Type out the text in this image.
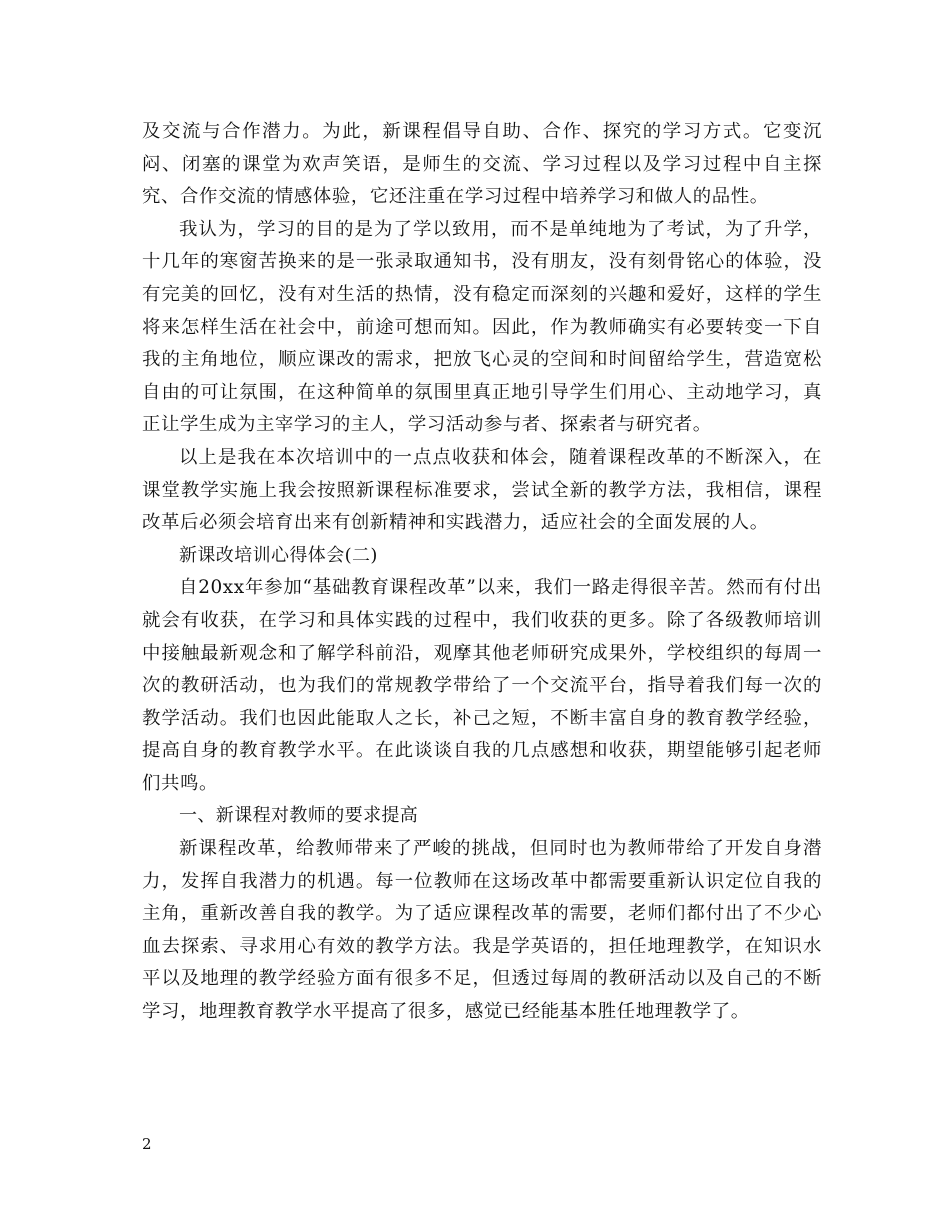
及交流与合作潜力。为此，新课程倡导自助、合作、探究的学习方式。它变沉闷、闭塞的课堂为欢声笑语，是师生的交流、学习过程以及学习过程中自主探究、合作交流的情感体验，它还注重在学习过程中培养学习和做人的品性。

我认为，学习的目的是为了学以致用，而不是单纯地为了考试，为了升学，十几年的寒窗苦换来的是一张录取通知书，没有朋友，没有刻骨铭心的体验，没有完美的回忆，没有对生活的热情，没有稳定而深刻的兴趣和爱好，这样的学生将来怎样生活在社会中，前途可想而知。因此，作为教师确实有必要转变一下自我的主角地位，顺应课改的需求，把放飞心灵的空间和时间留给学生，营造宽松自由的可让氛围，在这种简单的氛围里真正地引导学生们用心、主动地学习，真正让学生成为主宰学习的主人，学习活动参与者、探索者与研究者。

以上是我在本次培训中的一点点收获和体会，随着课程改革的不断深入，在课堂教学实施上我会按照新课程标准要求，尝试全新的教学方法，我相信，课程改革后必须会培育出来有创新精神和实践潜力，适应社会的全面发展的人。

新课改培训心得体会(二)

自20xx年参加“基础教育课程改革”以来，我们一路走得很辛苦。然而有付出就会有收获，在学习和具体实践的过程中，我们收获的更多。除了各级教师培训中接触最新观念和了解学科前沿，观摩其他老师研究成果外，学校组织的每周一次的教研活动，也为我们的常规教学带给了一个交流平台，指导着我们每一次的教学活动。我们也因此能取人之长，补己之短，不断丰富自身的教育教学经验，提高自身的教育教学水平。在此谈谈自我的几点感想和收获，期望能够引起老师们共鸣。

一、新课程对教师的要求提高

新课程改革，给教师带来了严峻的挑战，但同时也为教师带给了开发自身潜力，发挥自我潜力的机遇。每一位教师在这场改革中都需要重新认识定位自我的主角，重新改善自我的教学。为了适应课程改革的需要，老师们都付出了不少心血去探索、寻求用心有效的教学方法。我是学英语的，担任地理教学，在知识水平以及地理的教学经验方面有很多不足，但透过每周的教研活动以及自己的不断学习，地理教育教学水平提高了很多，感觉已经能基本胜任地理教学了。

2
